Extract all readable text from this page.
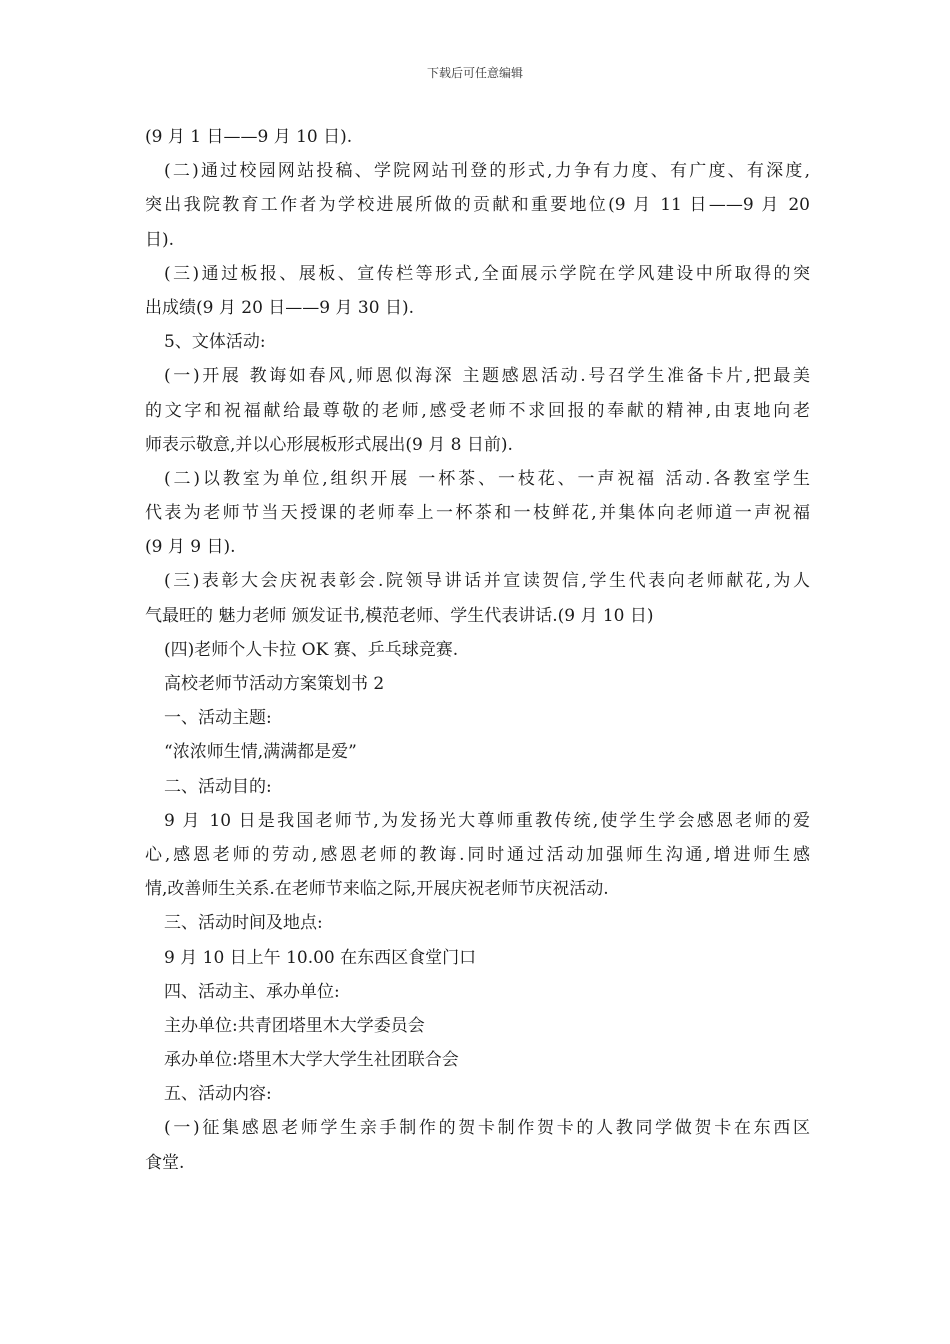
下载后可任意编辑
(9 月 1 日——9 月 10 日).
(二)通过校园网站投稿、学院网站刊登的形式,力争有力度、有广度、有深度,
突出我院教育工作者为学校进展所做的贡献和重要地位(9 月 11 日——9 月 20
日).
(三)通过板报、展板、宣传栏等形式,全面展示学院在学风建设中所取得的突
出成绩(9 月 20 日——9 月 30 日).
5、文体活动:
(一)开展 教诲如春风,师恩似海深 主题感恩活动.号召学生准备卡片,把最美
的文字和祝福献给最尊敬的老师,感受老师不求回报的奉献的精神,由衷地向老
师表示敬意,并以心形展板形式展出(9 月 8 日前).
(二)以教室为单位,组织开展 一杯茶、一枝花、一声祝福 活动.各教室学生
代表为老师节当天授课的老师奉上一杯茶和一枝鲜花,并集体向老师道一声祝福
(9 月 9 日).
(三)表彰大会庆祝表彰会.院领导讲话并宣读贺信,学生代表向老师献花,为人
气最旺的 魅力老师 颁发证书,模范老师、学生代表讲话.(9 月 10 日)
(四)老师个人卡拉 OK 赛、乒乓球竞赛.
高校老师节活动方案策划书 2
一、活动主题:
“浓浓师生情,满满都是爱”
二、活动目的:
9 月 10 日是我国老师节,为发扬光大尊师重教传统,使学生学会感恩老师的爱
心,感恩老师的劳动,感恩老师的教诲.同时通过活动加强师生沟通,增进师生感
情,改善师生关系.在老师节来临之际,开展庆祝老师节庆祝活动.
三、活动时间及地点:
9 月 10 日上午 10.00 在东西区食堂门口
四、活动主、承办单位:
主办单位:共青团塔里木大学委员会
承办单位:塔里木大学大学生社团联合会
五、活动内容:
(一)征集感恩老师学生亲手制作的贺卡制作贺卡的人教同学做贺卡在东西区
食堂.
